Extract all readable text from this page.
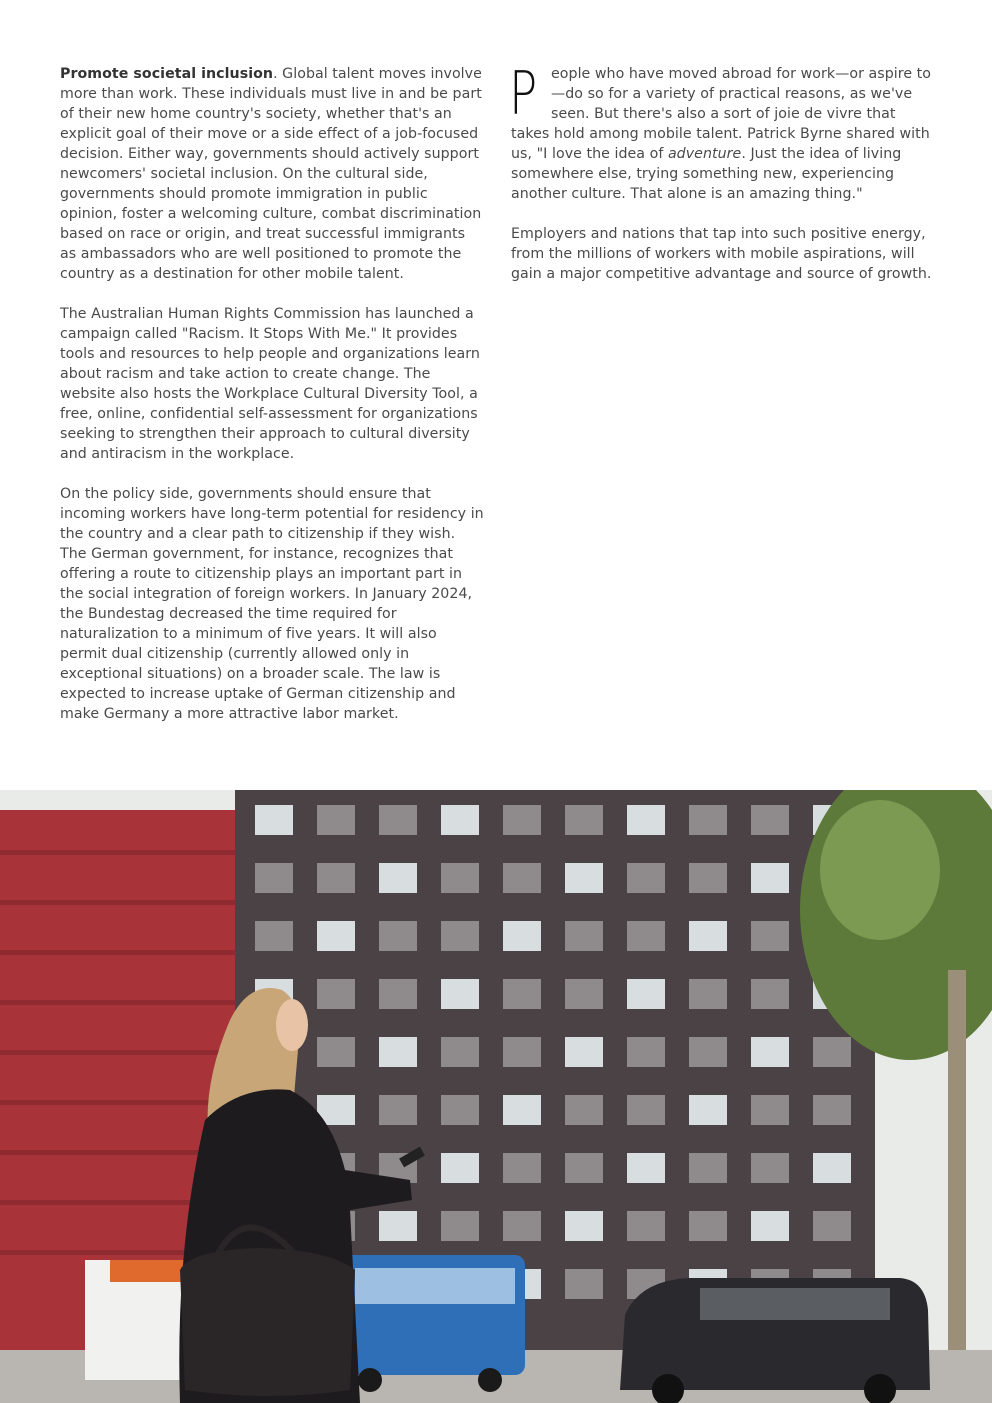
Promote societal inclusion. Global talent moves involve more than work. These individuals must live in and be part of their new home country's society, whether that's an explicit goal of their move or a side effect of a job-focused decision. Either way, governments should actively support newcomers' societal inclusion. On the cultural side, governments should promote immigration in public opinion, foster a welcoming culture, combat discrimination based on race or origin, and treat successful immigrants as ambassadors who are well positioned to promote the country as a destination for other mobile talent.

The Australian Human Rights Commission has launched a campaign called "Racism. It Stops With Me." It provides tools and resources to help people and organizations learn about racism and take action to create change. The website also hosts the Workplace Cultural Diversity Tool, a free, online, confidential self-assessment for organizations seeking to strengthen their approach to cultural diversity and antiracism in the workplace.

On the policy side, governments should ensure that incoming workers have long-term potential for residency in the country and a clear path to citizenship if they wish. The German government, for instance, recognizes that offering a route to citizenship plays an important part in the social integration of foreign workers. In January 2024, the Bundestag decreased the time required for naturalization to a minimum of five years. It will also permit dual citizenship (currently allowed only in exceptional situations) on a broader scale. The law is expected to increase uptake of German citizenship and make Germany a more attractive labor market.

People who have moved abroad for work—or aspire to—do so for a variety of practical reasons, as we've seen. But there's also a sort of joie de vivre that takes hold among mobile talent. Patrick Byrne shared with us, "I love the idea of adventure. Just the idea of living somewhere else, trying something new, experiencing another culture. That alone is an amazing thing."

Employers and nations that tap into such positive energy, from the millions of workers with mobile aspirations, will gain a major competitive advantage and source of growth.
